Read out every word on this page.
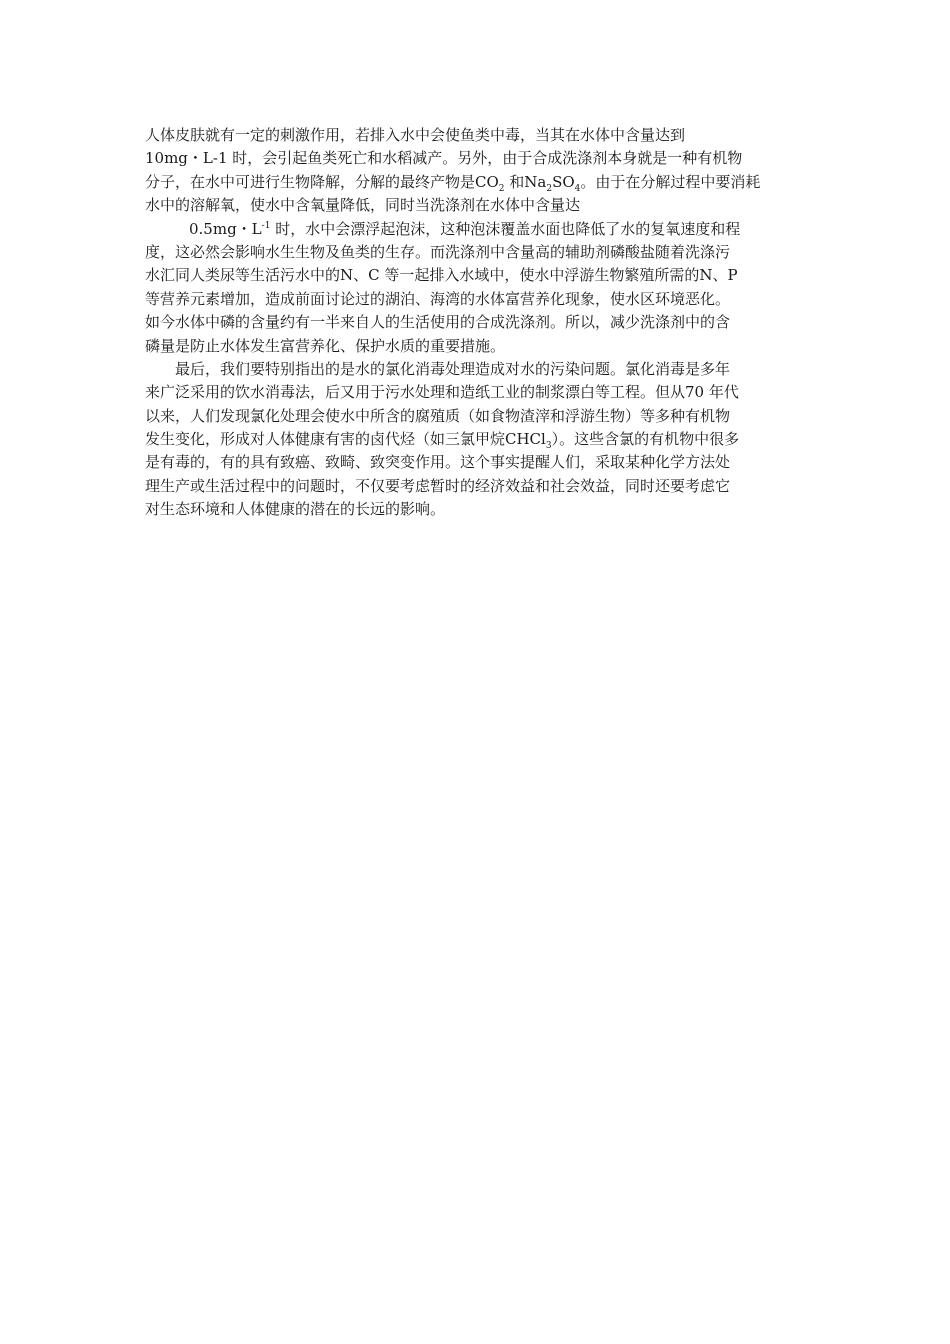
人体皮肤就有一定的刺激作用，若排入水中会使鱼类中毒，当其在水体中含量达到
10mg・L-1 时，会引起鱼类死亡和水稻减产。另外，由于合成洗涤剂本身就是一种有机物
分子，在水中可进行生物降解，分解的最终产物是$CO_2$ 和$Na_2SO_4$。由于在分解过程中要消耗
水中的溶解氧，使水中含氧量降低，同时当洗涤剂在水体中含量达
0.5mg・$L^{-1}$ 时，水中会漂浮起泡沫，这种泡沫覆盖水面也降低了水的复氧速度和程
度，这必然会影响水生生物及鱼类的生存。而洗涤剂中含量高的辅助剂磷酸盐随着洗涤污
水汇同人类尿等生活污水中的N、C 等一起排入水域中，使水中浮游生物繁殖所需的N、P
等营养元素增加，造成前面讨论过的湖泊、海湾的水体富营养化现象，使水区环境恶化。
如今水体中磷的含量约有一半来自人的生活使用的合成洗涤剂。所以，减少洗涤剂中的含
磷量是防止水体发生富营养化、保护水质的重要措施。
最后，我们要特别指出的是水的氯化消毒处理造成对水的污染问题。氯化消毒是多年
来广泛采用的饮水消毒法，后又用于污水处理和造纸工业的制浆漂白等工程。但从70 年代
以来，人们发现氯化处理会使水中所含的腐殖质（如食物渣滓和浮游生物）等多种有机物
发生变化，形成对人体健康有害的卤代烃（如三氯甲烷CHCl$_3$）。这些含氯的有机物中很多
是有毒的，有的具有致癌、致畸、致突变作用。这个事实提醒人们，采取某种化学方法处
理生产或生活过程中的问题时，不仅要考虑暂时的经济效益和社会效益，同时还要考虑它
对生态环境和人体健康的潜在的长远的影响。
